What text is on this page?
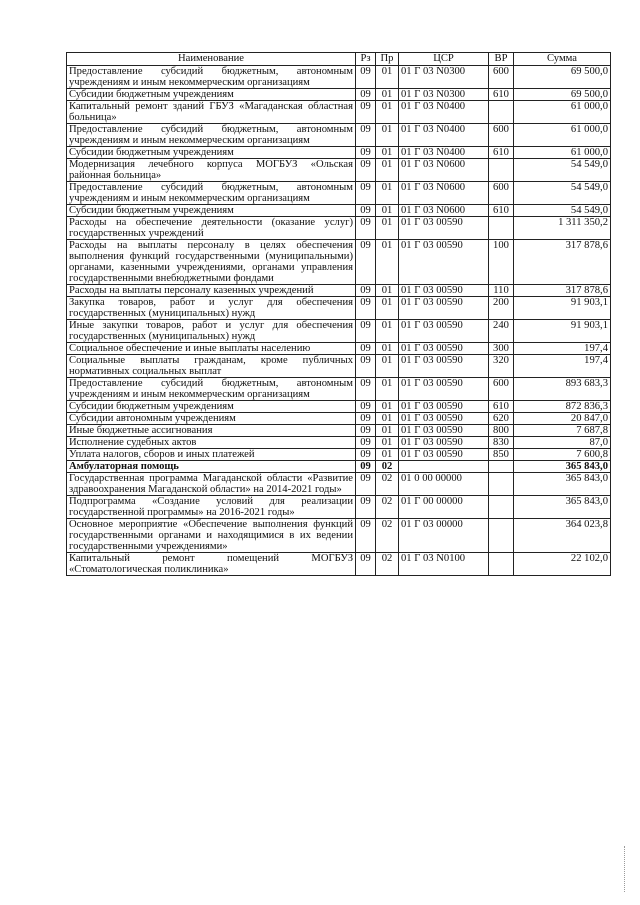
Наименование	Рз	Пр	ЦСР	ВР	Сумма
Предоставление субсидий бюджетным, автономным учреждениям и иным некоммерческим организациям	09	01	01 Г 03 N0300	600	69 500,0
Субсидии бюджетным учреждениям	09	01	01 Г 03 N0300	610	69 500,0
Капитальный ремонт зданий ГБУЗ «Магаданская областная больница»	09	01	01 Г 03 N0400		61 000,0
Предоставление субсидий бюджетным, автономным учреждениям и иным некоммерческим организациям	09	01	01 Г 03 N0400	600	61 000,0
Субсидии бюджетным учреждениям	09	01	01 Г 03 N0400	610	61 000,0
Модернизация лечебного корпуса МОГБУЗ «Ольская районная больница»	09	01	01 Г 03 N0600		54 549,0
Предоставление субсидий бюджетным, автономным учреждениям и иным некоммерческим организациям	09	01	01 Г 03 N0600	600	54 549,0
Субсидии бюджетным учреждениям	09	01	01 Г 03 N0600	610	54 549,0
Расходы на обеспечение деятельности (оказание услуг) государственных учреждений	09	01	01 Г 03 00590		1 311 350,2
Расходы на выплаты персоналу в целях обеспечения выполнения функций государственными (муниципальными) органами, казенными учреждениями, органами управления государственными внебюджетными фондами	09	01	01 Г 03 00590	100	317 878,6
Расходы на выплаты персоналу казенных учреждений	09	01	01 Г 03 00590	110	317 878,6
Закупка товаров, работ и услуг для обеспечения государственных (муниципальных) нужд	09	01	01 Г 03 00590	200	91 903,1
Иные закупки товаров, работ и услуг для обеспечения государственных (муниципальных) нужд	09	01	01 Г 03 00590	240	91 903,1
Социальное обеспечение и иные выплаты населению	09	01	01 Г 03 00590	300	197,4
Социальные выплаты гражданам, кроме публичных нормативных социальных выплат	09	01	01 Г 03 00590	320	197,4
Предоставление субсидий бюджетным, автономным учреждениям и иным некоммерческим организациям	09	01	01 Г 03 00590	600	893 683,3
Субсидии бюджетным учреждениям	09	01	01 Г 03 00590	610	872 836,3
Субсидии автономным учреждениям	09	01	01 Г 03 00590	620	20 847,0
Иные бюджетные ассигнования	09	01	01 Г 03 00590	800	7 687,8
Исполнение судебных актов	09	01	01 Г 03 00590	830	87,0
Уплата налогов, сборов и иных платежей	09	01	01 Г 03 00590	850	7 600,8
Амбулаторная помощь	09	02			365 843,0
Государственная программа Магаданской области «Развитие здравоохранения Магаданской области» на 2014-2021 годы»	09	02	01 0 00 00000		365 843,0
Подпрограмма «Создание условий для реализации государственной программы» на 2016-2021 годы»	09	02	01 Г 00 00000		365 843,0
Основное мероприятие «Обеспечение выполнения функций государственными органами и находящимися в их ведении государственными учреждениями»	09	02	01 Г 03 00000		364 023,8
Капитальный ремонт помещений МОГБУЗ «Стоматологическая поликлиника»	09	02	01 Г 03 N0100		22 102,0
